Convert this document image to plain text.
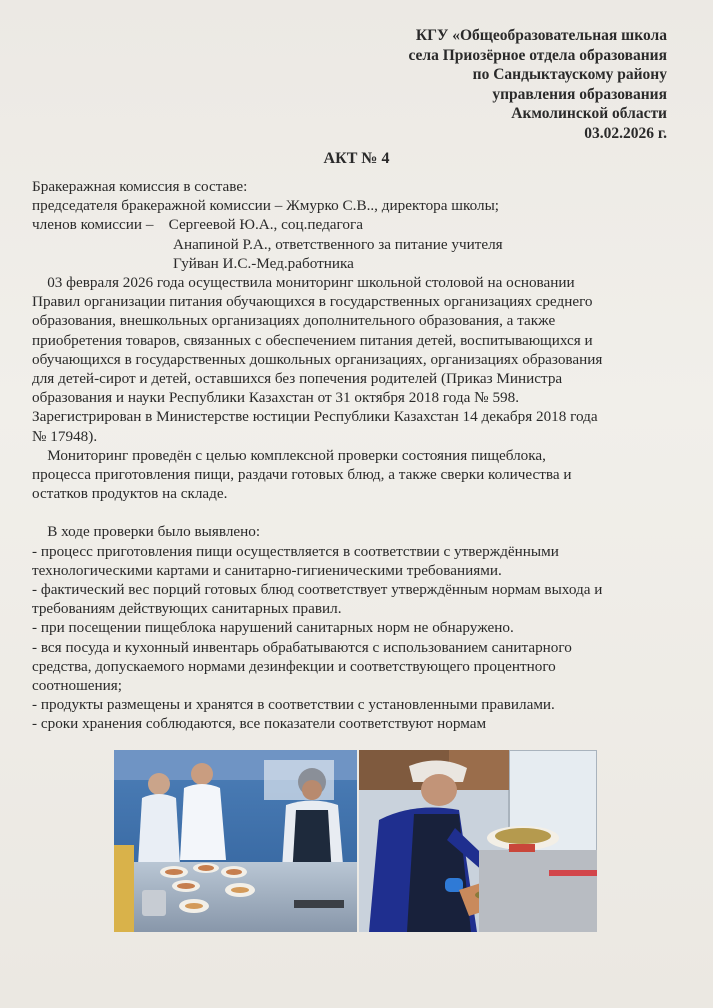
КГУ «Общеобразовательная школа
села Приозёрное отдела образования
по Сандыктаускому району
управления образования
Акмолинской области
03.02.2026 г.
АКТ № 4
Бракеражная комиссия в составе:
председателя бракеражной комиссии – Жмурко С.В.., директора школы;
членов комиссии – Сергеевой Ю.А., соц.педагога
Анапиной Р.А., ответственного за питание учителя
Гуйван И.С.-Мед.работника
03 февраля 2026 года осуществила мониторинг школьной столовой на основании
Правил организации питания обучающихся в государственных организациях среднего
образования, внешкольных организациях дополнительного образования, а также
приобретения товаров, связанных с обеспечением питания детей, воспитывающихся и
обучающихся в государственных дошкольных организациях, организациях образования
для детей-сирот и детей, оставшихся без попечения родителей (Приказ Министра
образования и науки Республики Казахстан от 31 октября 2018 года № 598.
Зарегистрирован в Министерстве юстиции Республики Казахстан 14 декабря 2018 года
№ 17948).
Мониторинг проведён с целью комплексной проверки состояния пищеблока,
процесса приготовления пищи, раздачи готовых блюд, а также сверки количества и
остатков продуктов на складе.
В ходе проверки было выявлено:
- процесс приготовления пищи осуществляется в соответствии с утверждёнными
технологическими картами и санитарно-гигиеническими требованиями.
- фактический вес порций готовых блюд соответствует утверждённым нормам выхода и
требованиям действующих санитарных правил.
- при посещении пищеблока нарушений санитарных норм не обнаружено.
- вся посуда и кухонный инвентарь обрабатываются с использованием санитарного
средства, допускаемого нормами дезинфекции и соответствующего процентного
соотношения;
- продукты размещены и хранятся в соответствии с установленными правилами.
- сроки хранения соблюдаются, все показатели соответствуют нормам
